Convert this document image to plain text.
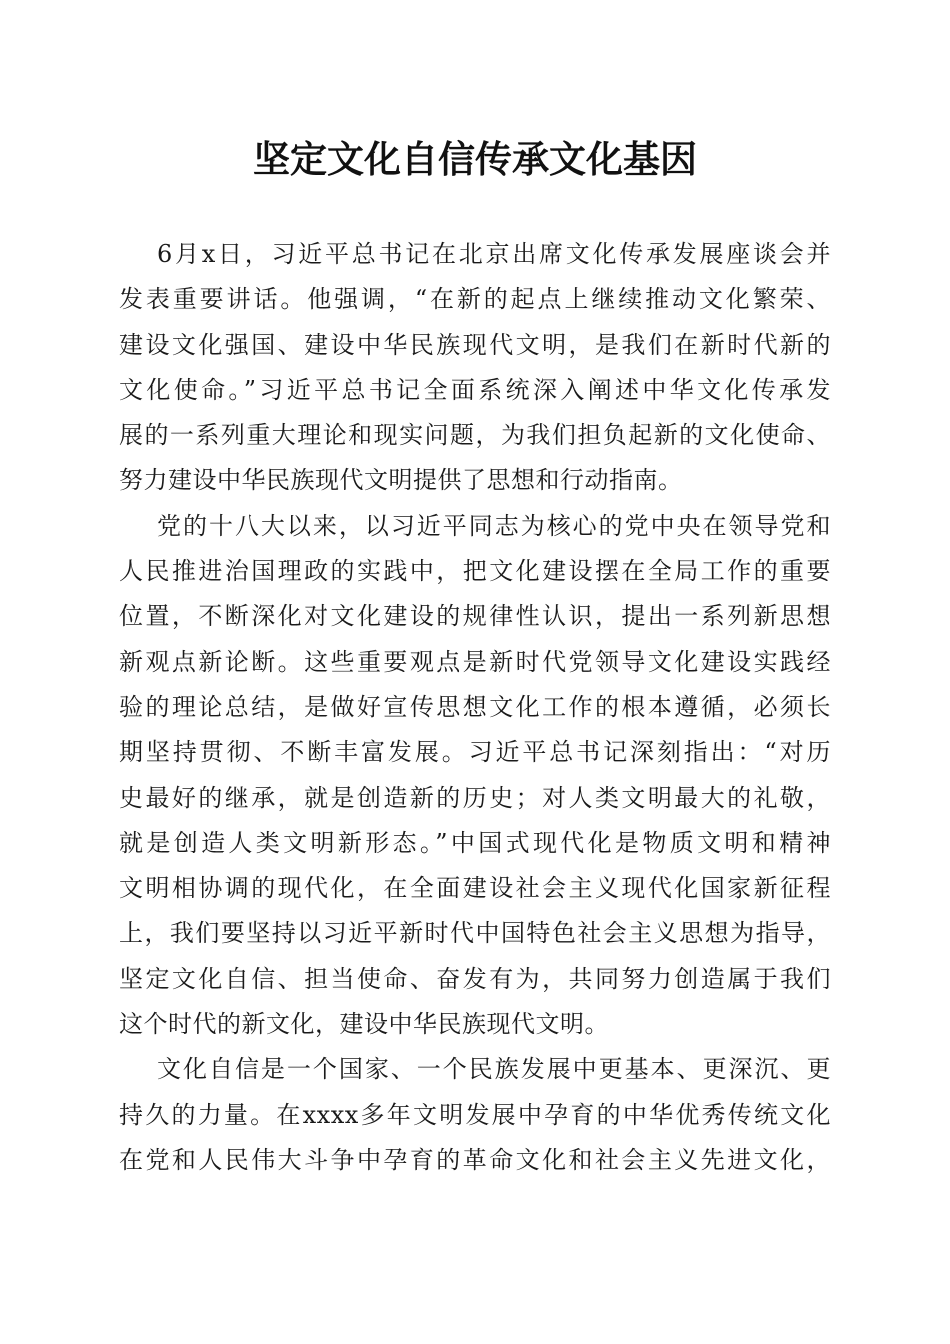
坚定文化自信传承文化基因
6月x日，习近平总书记在北京出席文化传承发展座谈会并
发表重要讲话。他强调，“在新的起点上继续推动文化繁荣、
建设文化强国、建设中华民族现代文明，是我们在新时代新的
文化使命。”习近平总书记全面系统深入阐述中华文化传承发
展的一系列重大理论和现实问题，为我们担负起新的文化使命、
努力建设中华民族现代文明提供了思想和行动指南。
党的十八大以来，以习近平同志为核心的党中央在领导党和
人民推进治国理政的实践中，把文化建设摆在全局工作的重要
位置，不断深化对文化建设的规律性认识，提出一系列新思想
新观点新论断。这些重要观点是新时代党领导文化建设实践经
验的理论总结，是做好宣传思想文化工作的根本遵循，必须长
期坚持贯彻、不断丰富发展。习近平总书记深刻指出：“对历
史最好的继承，就是创造新的历史；对人类文明最大的礼敬，
就是创造人类文明新形态。”中国式现代化是物质文明和精神
文明相协调的现代化，在全面建设社会主义现代化国家新征程
上，我们要坚持以习近平新时代中国特色社会主义思想为指导，
坚定文化自信、担当使命、奋发有为，共同努力创造属于我们
这个时代的新文化，建设中华民族现代文明。
文化自信是一个国家、一个民族发展中更基本、更深沉、更
持久的力量。在xxxx多年文明发展中孕育的中华优秀传统文化
在党和人民伟大斗争中孕育的革命文化和社会主义先进文化，
